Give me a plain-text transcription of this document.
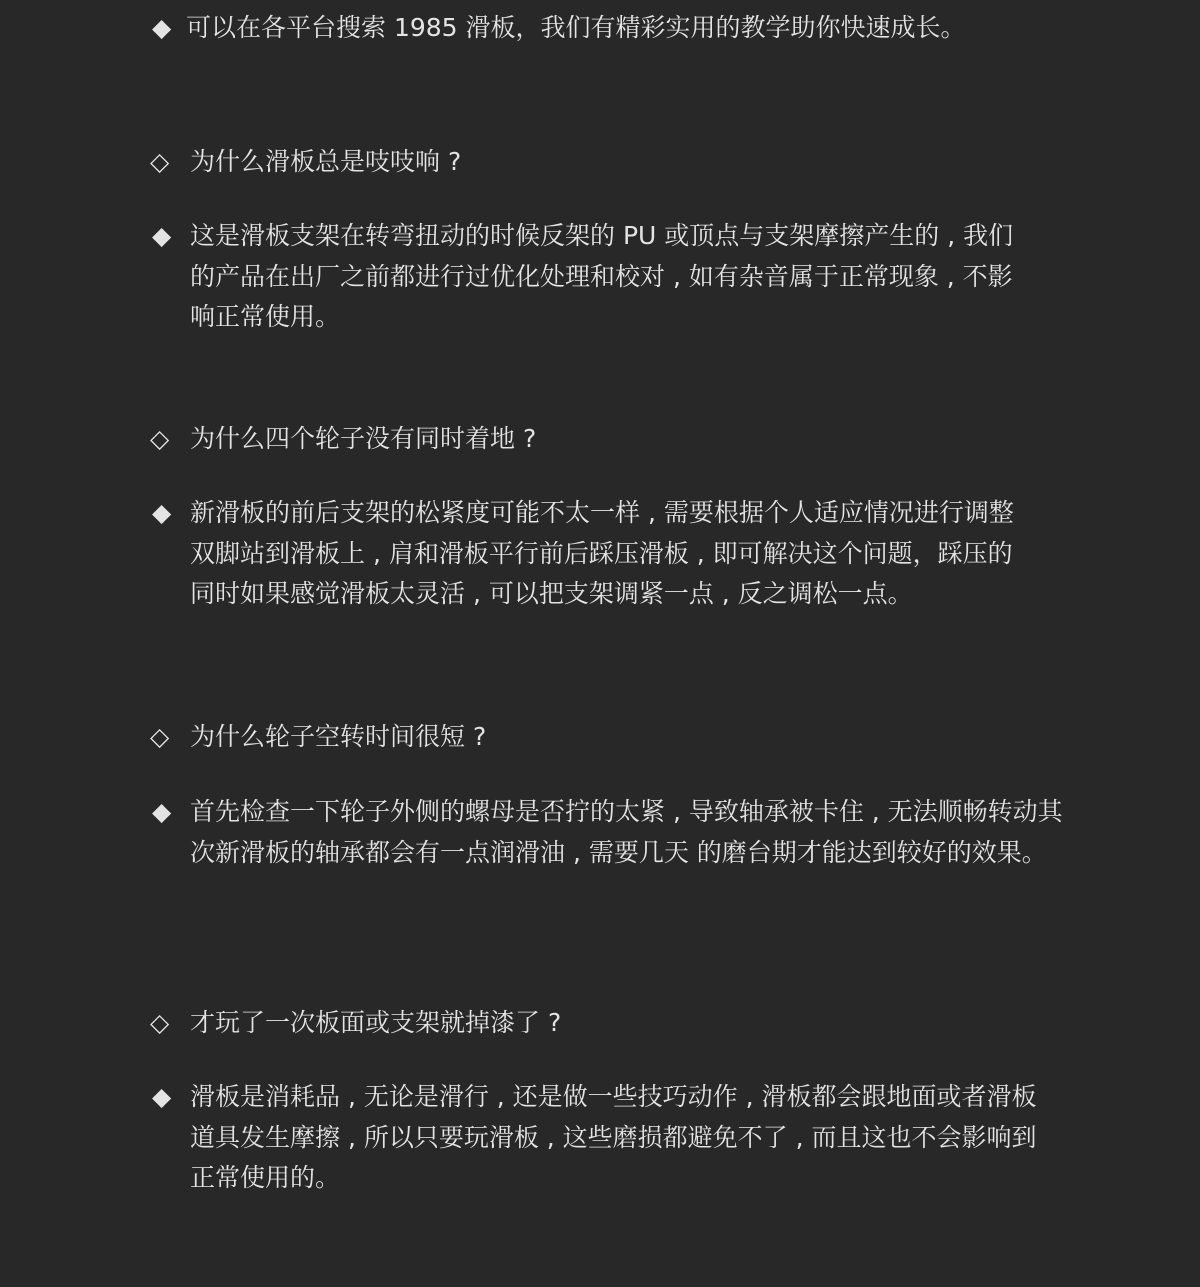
◆ 可以在各平台搜索 1985 滑板，我们有精彩实用的教学助你快速成长。
◇ 为什么滑板总是吱吱响 ?
◆ 这是滑板支架在转弯扭动的时候反架的 PU 或顶点与支架摩擦产生的 , 我们
的产品在出厂之前都进行过优化处理和校对 , 如有杂音属于正常现象 , 不影
响正常使用。
◇ 为什么四个轮子没有同时着地 ?
◆ 新滑板的前后支架的松紧度可能不太一样 , 需要根据个人适应情况进行调整
双脚站到滑板上 , 肩和滑板平行前后踩压滑板 , 即可解决这个问题，踩压的
同时如果感觉滑板太灵活 , 可以把支架调紧一点 , 反之调松一点。
◇ 为什么轮子空转时间很短 ?
◆ 首先检查一下轮子外侧的螺母是否拧的太紧 , 导致轴承被卡住 , 无法顺畅转动其
次新滑板的轴承都会有一点润滑油 , 需要几天 的磨台期才能达到较好的效果。
◇ 才玩了一次板面或支架就掉漆了 ?
◆ 滑板是消耗品 , 无论是滑行 , 还是做一些技巧动作 , 滑板都会跟地面或者滑板
道具发生摩擦 , 所以只要玩滑板 , 这些磨损都避免不了 , 而且这也不会影响到
正常使用的。
